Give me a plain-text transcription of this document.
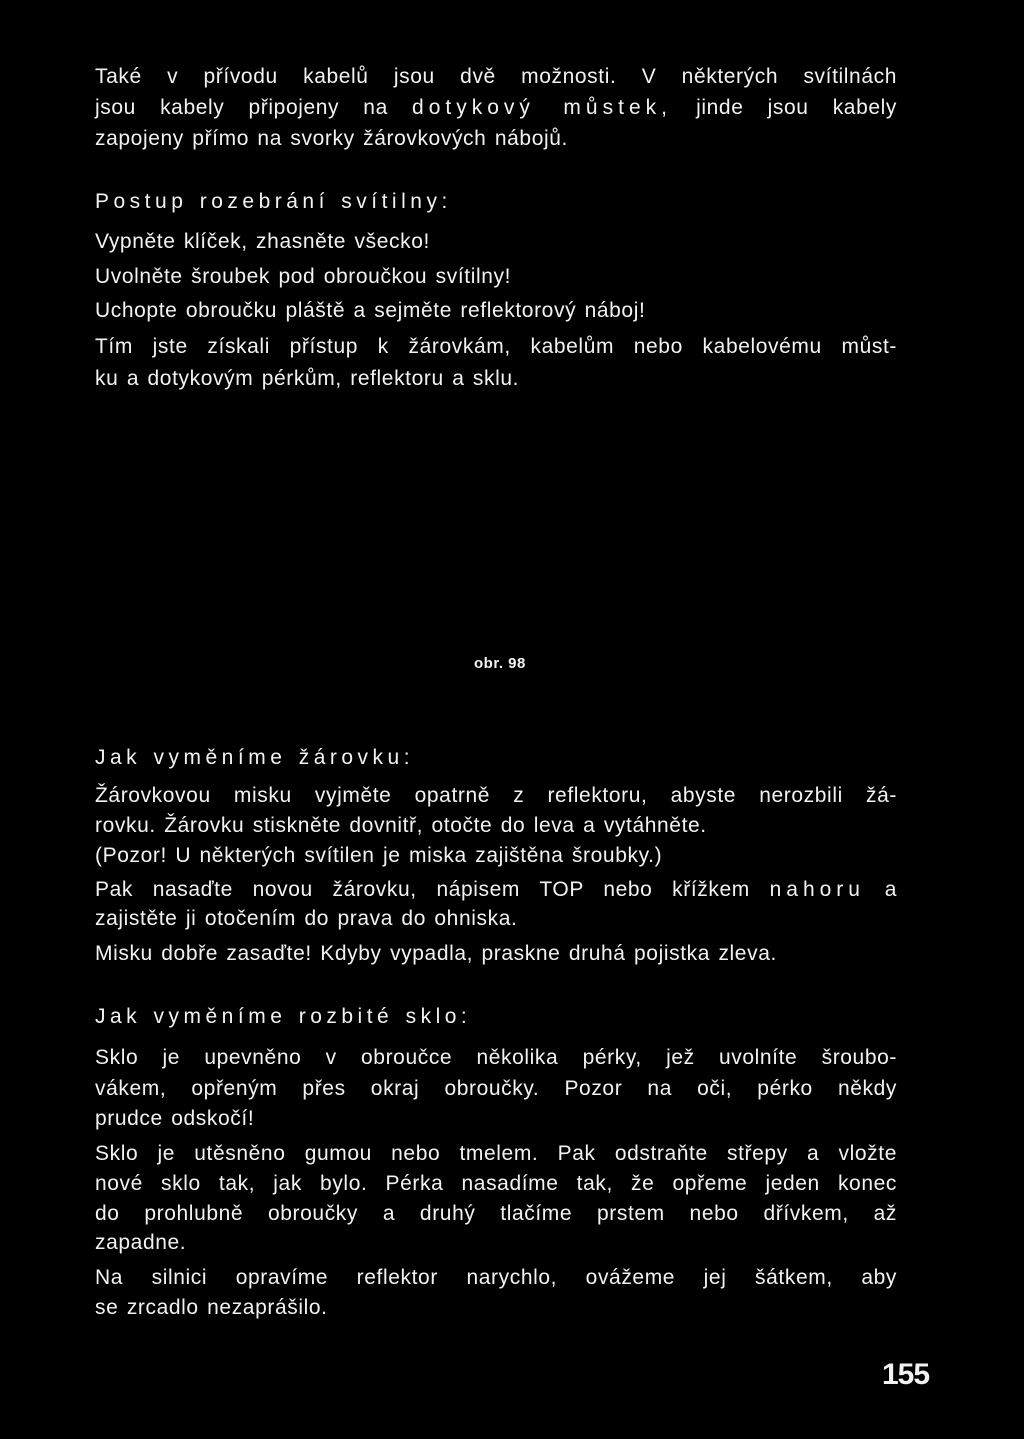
Také v přívodu kabelů jsou dvě možnosti. V některých svítilnách
jsou kabely připojeny na dotykový můstek, jinde jsou kabely
zapojeny přímo na svorky žárovkových nábojů.
Postup rozebrání svítilny:
Vypněte klíček, zhasněte všecko!
Uvolněte šroubek pod obroučkou svítilny!
Uchopte obroučku pláště a sejměte reflektorový náboj!
Tím jste získali přístup k žárovkám, kabelům nebo kabelovému můst-
ku a dotykovým pérkům, reflektoru a sklu.
obr. 98
Jak vyměníme žárovku:
Žárovkovou misku vyjměte opatrně z reflektoru, abyste nerozbili žá-
rovku. Žárovku stiskněte dovnitř, otočte do leva a vytáhněte.
(Pozor! U některých svítilen je miska zajištěna šroubky.)
Pak nasaďte novou žárovku, nápisem TOP nebo křížkem nahoru a
zajistěte ji otočením do prava do ohniska.
Misku dobře zasaďte! Kdyby vypadla, praskne druhá pojistka zleva.
Jak vyměníme rozbité sklo:
Sklo je upevněno v obroučce několika pérky, jež uvolníte šroubo-
vákem, opřeným přes okraj obroučky. Pozor na oči, pérko někdy
prudce odskočí!
Sklo je utěsněno gumou nebo tmelem. Pak odstraňte střepy a vložte
nové sklo tak, jak bylo. Pérka nasadíme tak, že opřeme jeden konec
do prohlubně obroučky a druhý tlačíme prstem nebo dřívkem, až
zapadne.
Na silnici opravíme reflektor narychlo, ovážeme jej šátkem, aby
se zrcadlo nezaprášilo.
155
